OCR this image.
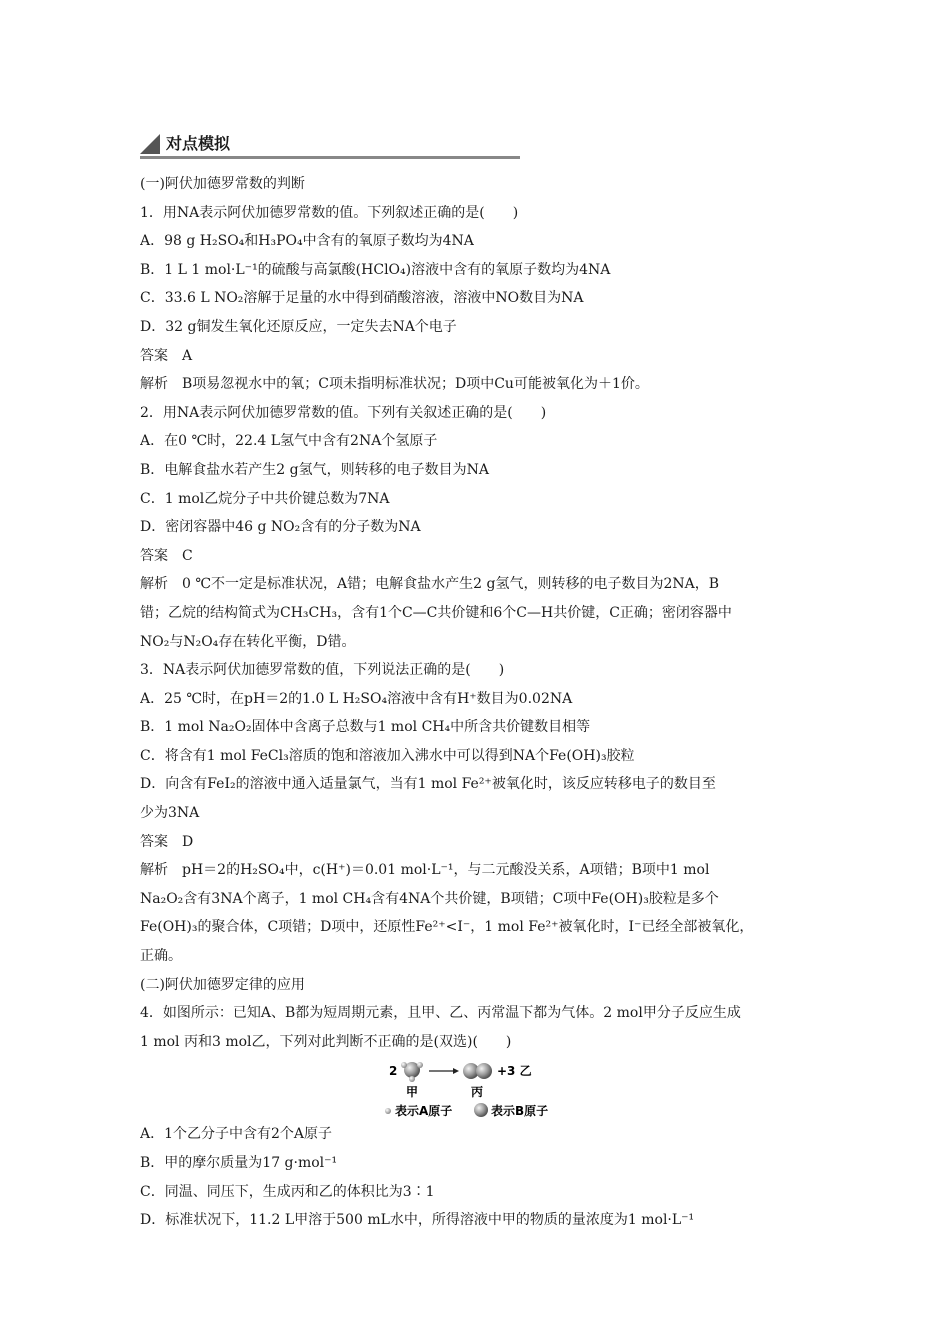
对点模拟
(一)阿伏加德罗常数的判断
1．用NA表示阿伏加德罗常数的值。下列叙述正确的是(　　)
A．98 g H₂SO₄和H₃PO₄中含有的氧原子数均为4NA
B．1 L 1 mol·L⁻¹的硫酸与高氯酸(HClO₄)溶液中含有的氧原子数均为4NA
C．33.6 L NO₂溶解于足量的水中得到硝酸溶液，溶液中NO数目为NA
D．32 g铜发生氧化还原反应，一定失去NA个电子
答案　A
解析　B项易忽视水中的氧；C项未指明标准状况；D项中Cu可能被氧化为＋1价。
2．用NA表示阿伏加德罗常数的值。下列有关叙述正确的是(　　)
A．在0 ℃时，22.4 L氢气中含有2NA个氢原子
B．电解食盐水若产生2 g氢气，则转移的电子数目为NA
C．1 mol乙烷分子中共价键总数为7NA
D．密闭容器中46 g NO₂含有的分子数为NA
答案　C
解析　0 ℃不一定是标准状况，A错；电解食盐水产生2 g氢气，则转移的电子数目为2NA，B
错；乙烷的结构简式为CH₃CH₃，含有1个C—C共价键和6个C—H共价键，C正确；密闭容器中
NO₂与N₂O₄存在转化平衡，D错。
3．NA表示阿伏加德罗常数的值，下列说法正确的是(　　)
A．25 ℃时，在pH＝2的1.0 L H₂SO₄溶液中含有H⁺数目为0.02NA
B．1 mol Na₂O₂固体中含离子总数与1 mol CH₄中所含共价键数目相等
C．将含有1 mol FeCl₃溶质的饱和溶液加入沸水中可以得到NA个Fe(OH)₃胶粒
D．向含有FeI₂的溶液中通入适量氯气，当有1 mol Fe²⁺被氧化时，该反应转移电子的数目至
少为3NA
答案　D
解析　pH＝2的H₂SO₄中，c(H⁺)＝0.01 mol·L⁻¹，与二元酸没关系，A项错；B项中1 mol
Na₂O₂含有3NA个离子，1 mol CH₄含有4NA个共价键，B项错；C项中Fe(OH)₃胶粒是多个
Fe(OH)₃的聚合体，C项错；D项中，还原性Fe²⁺<I⁻，1 mol Fe²⁺被氧化时，I⁻已经全部被氧化，
正确。
(二)阿伏加德罗定律的应用
4．如图所示：已知A、B都为短周期元素，且甲、乙、丙常温下都为气体。2 mol甲分子反应生成
1 mol 丙和3 mol乙，下列对此判断不正确的是(双选)(　　)
2	+3 乙
甲	丙
表示A原子	表示B原子
A．1个乙分子中含有2个A原子
B．甲的摩尔质量为17 g·mol⁻¹
C．同温、同压下，生成丙和乙的体积比为3∶1
D．标准状况下，11.2 L甲溶于500 mL水中，所得溶液中甲的物质的量浓度为1 mol·L⁻¹
